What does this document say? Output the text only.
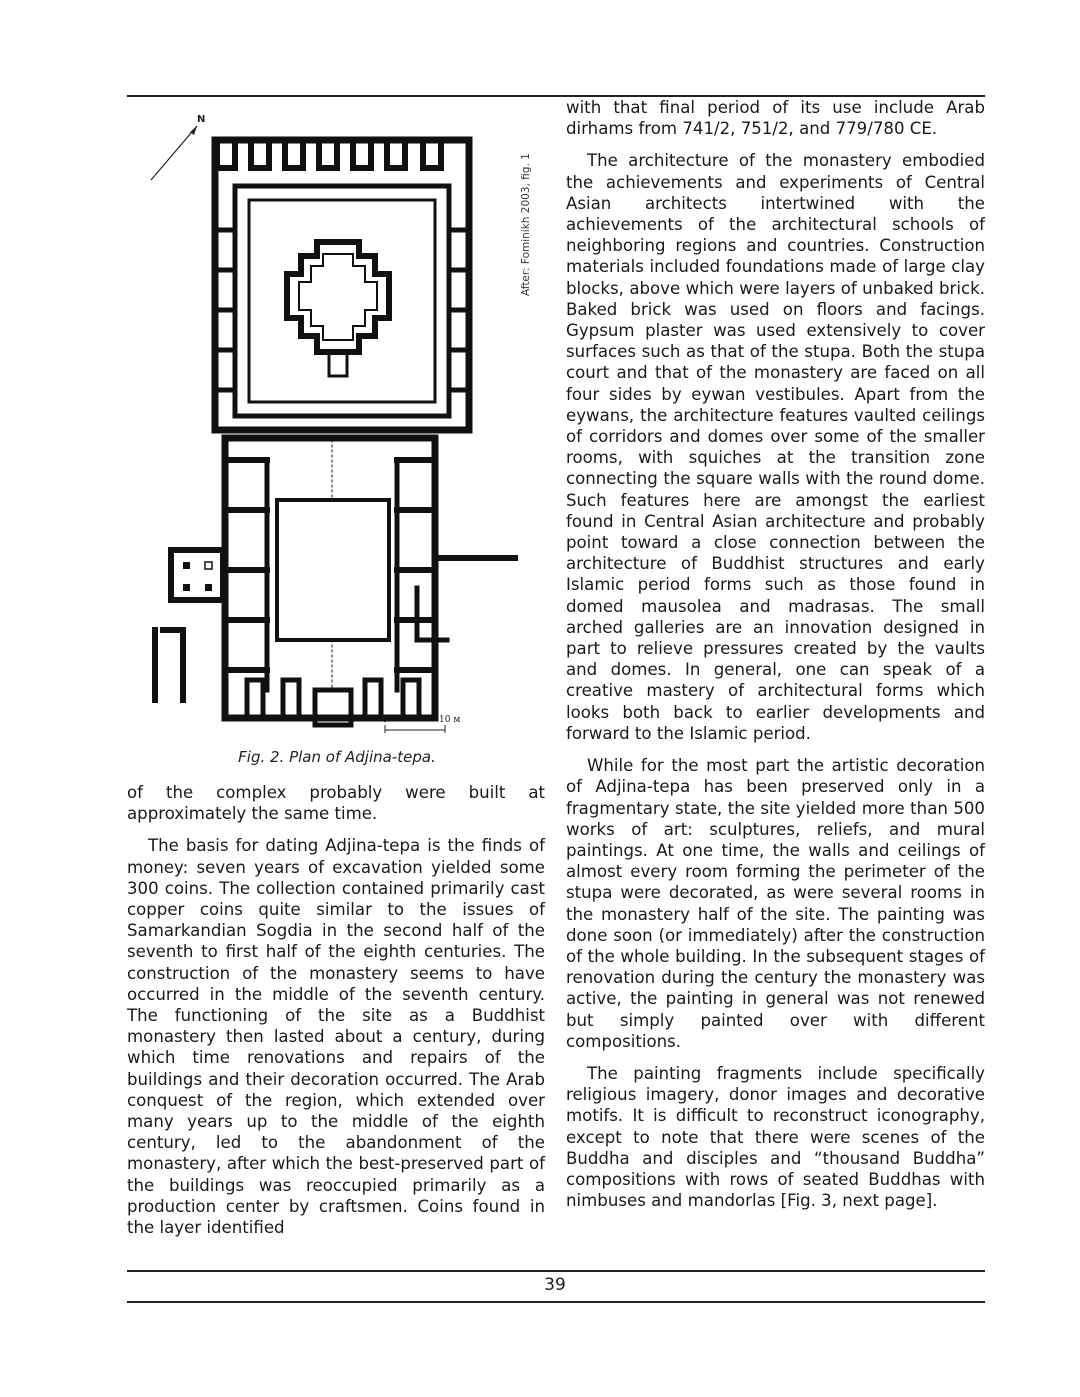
N
0	10 м
After: Fominikh 2003, fig. 1
Fig. 2. Plan of Adjina-tepa.

of the complex probably were built at approximately the same time.

The basis for dating Adjina-tepa is the finds of money: seven years of excavation yielded some 300 coins. The collection contained primarily cast copper coins quite similar to the issues of Samarkandian Sogdia in the second half of the seventh to first half of the eighth centuries. The construction of the monastery seems to have occurred in the middle of the seventh century. The functioning of the site as a Buddhist monastery then lasted about a century, during which time renovations and repairs of the buildings and their decoration occurred. The Arab conquest of the region, which extended over many years up to the middle of the eighth century, led to the abandonment of the monastery, after which the best-preserved part of the buildings was reoccupied primarily as a production center by craftsmen. Coins found in the layer identified

with that final period of its use include Arab dirhams from 741/2, 751/2, and 779/780 CE.

The architecture of the monastery embodied the achievements and experiments of Central Asian architects intertwined with the achievements of the architectural schools of neighboring regions and countries. Construction materials included foundations made of large clay blocks, above which were layers of unbaked brick. Baked brick was used on floors and facings. Gypsum plaster was used extensively to cover surfaces such as that of the stupa. Both the stupa court and that of the monastery are faced on all four sides by eywan vestibules. Apart from the eywans, the architecture features vaulted ceilings of corridors and domes over some of the smaller rooms, with squiches at the transition zone connecting the square walls with the round dome. Such features here are amongst the earliest found in Central Asian architecture and probably point toward a close connection between the architecture of Buddhist structures and early Islamic period forms such as those found in domed mausolea and madrasas. The small arched galleries are an innovation designed in part to relieve pressures created by the vaults and domes. In general, one can speak of a creative mastery of architectural forms which looks both back to earlier developments and forward to the Islamic period.

While for the most part the artistic decoration of Adjina-tepa has been preserved only in a fragmentary state, the site yielded more than 500 works of art: sculptures, reliefs, and mural paintings. At one time, the walls and ceilings of almost every room forming the perimeter of the stupa were decorated, as were several rooms in the monastery half of the site. The painting was done soon (or immediately) after the construction of the whole building. In the subsequent stages of renovation during the century the monastery was active, the painting in general was not renewed but simply painted over with different compositions.

The painting fragments include specifically religious imagery, donor images and decorative motifs. It is difficult to reconstruct iconography, except to note that there were scenes of the Buddha and disciples and “thousand Buddha” compositions with rows of seated Buddhas with nimbuses and mandorlas [Fig. 3, next page].

39
